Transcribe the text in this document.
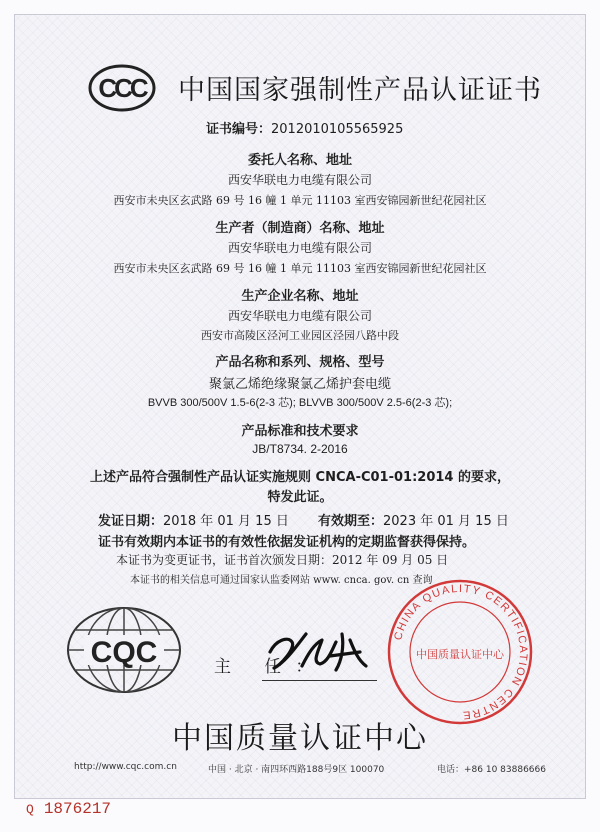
CCC 中国国家强制性产品认证证书
证书编号：2012010105565925
委托人名称、地址
西安华联电力电缆有限公司
西安市未央区玄武路 69 号 16 幢 1 单元 11103 室西安锦园新世纪花园社区
生产者（制造商）名称、地址
西安华联电力电缆有限公司
西安市未央区玄武路 69 号 16 幢 1 单元 11103 室西安锦园新世纪花园社区
生产企业名称、地址
西安华联电力电缆有限公司
西安市高陵区泾河工业园区泾园八路中段
产品名称和系列、规格、型号
聚氯乙烯绝缘聚氯乙烯护套电缆
BVVB 300/500V 1.5-6(2-3 芯); BLVVB 300/500V 2.5-6(2-3 芯);
产品标准和技术要求
JB/T8734. 2-2016
上述产品符合强制性产品认证实施规则 CNCA-C01-01:2014 的要求，
特发此证。
发证日期：2018 年 01 月 15 日 有效期至：2023 年 01 月 15 日
证书有效期内本证书的有效性依据发证机构的定期监督获得保持。
本证书为变更证书，证书首次颁发日期：2012 年 09 月 05 日
本证书的相关信息可通过国家认监委网站 www. cnca. gov. cn 查询
CQC	主 任：
CHINA QUALITY CERTIFICATION CENTRE
中国质量认证中心
中国质量认证中心
http://www.cqc.com.cn	中国 · 北京 · 南四环西路188号9区 100070	电话：+86 10 83886666
Q 1876217
